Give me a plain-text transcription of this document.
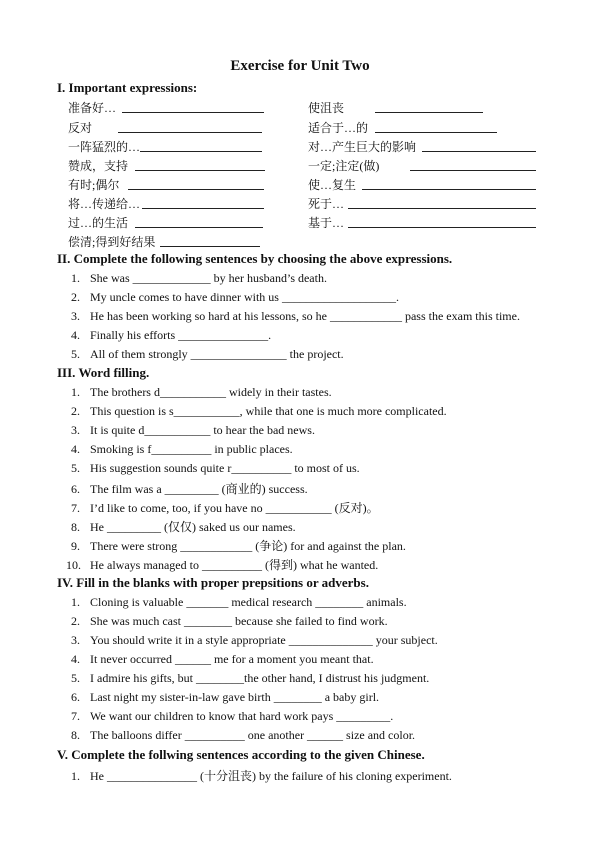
Exercise for Unit Two
I. Important expressions:
准备好…
反对
一阵猛烈的…
赞成，支持
有时;偶尔
将…传递给…
过…的生活
偿清;得到好结果
使沮丧
适合于…的
对…产生巨大的影响
一定;注定(做)
使…复生
死于…
基于…
II. Complete the following sentences by choosing the above expressions.
1. She was _____________ by her husband’s death.
2. My uncle comes to have dinner with us ___________________.
3. He has been working so hard at his lessons, so he ____________ pass the exam this time.
4. Finally his efforts _______________.
5. All of them strongly ________________ the project.
III. Word filling.
1. The brothers d___________ widely in their tastes.
2. This question is s___________, while that one is much more complicated.
3. It is quite d___________ to hear the bad news.
4. Smoking is f__________ in public places.
5. His suggestion sounds quite r__________ to most of us.
6. The film was a _________ (商业的) success.
7. I’d like to come, too, if you have no ___________ (反对)。
8. He _________ (仅仅) saked us our names.
9. There were strong ____________ (争论) for and against the plan.
10. He always managed to __________ (得到) what he wanted.
IV. Fill in the blanks with proper prepsitions or adverbs.
1. Cloning is valuable _______ medical research ________ animals.
2. She was much cast ________ because she failed to find work.
3. You should write it in a style appropriate ______________ your subject.
4. It never occurred ______ me for a moment you meant that.
5. I admire his gifts, but ________the other hand, I distrust his judgment.
6. Last night my sister-in-law gave birth ________ a baby girl.
7. We want our children to know that hard work pays _________.
8. The balloons differ __________ one another ______ size and color.
V. Complete the follwing sentences according to the given Chinese.
1. He _______________ (十分沮丧) by the failure of his cloning experiment.
